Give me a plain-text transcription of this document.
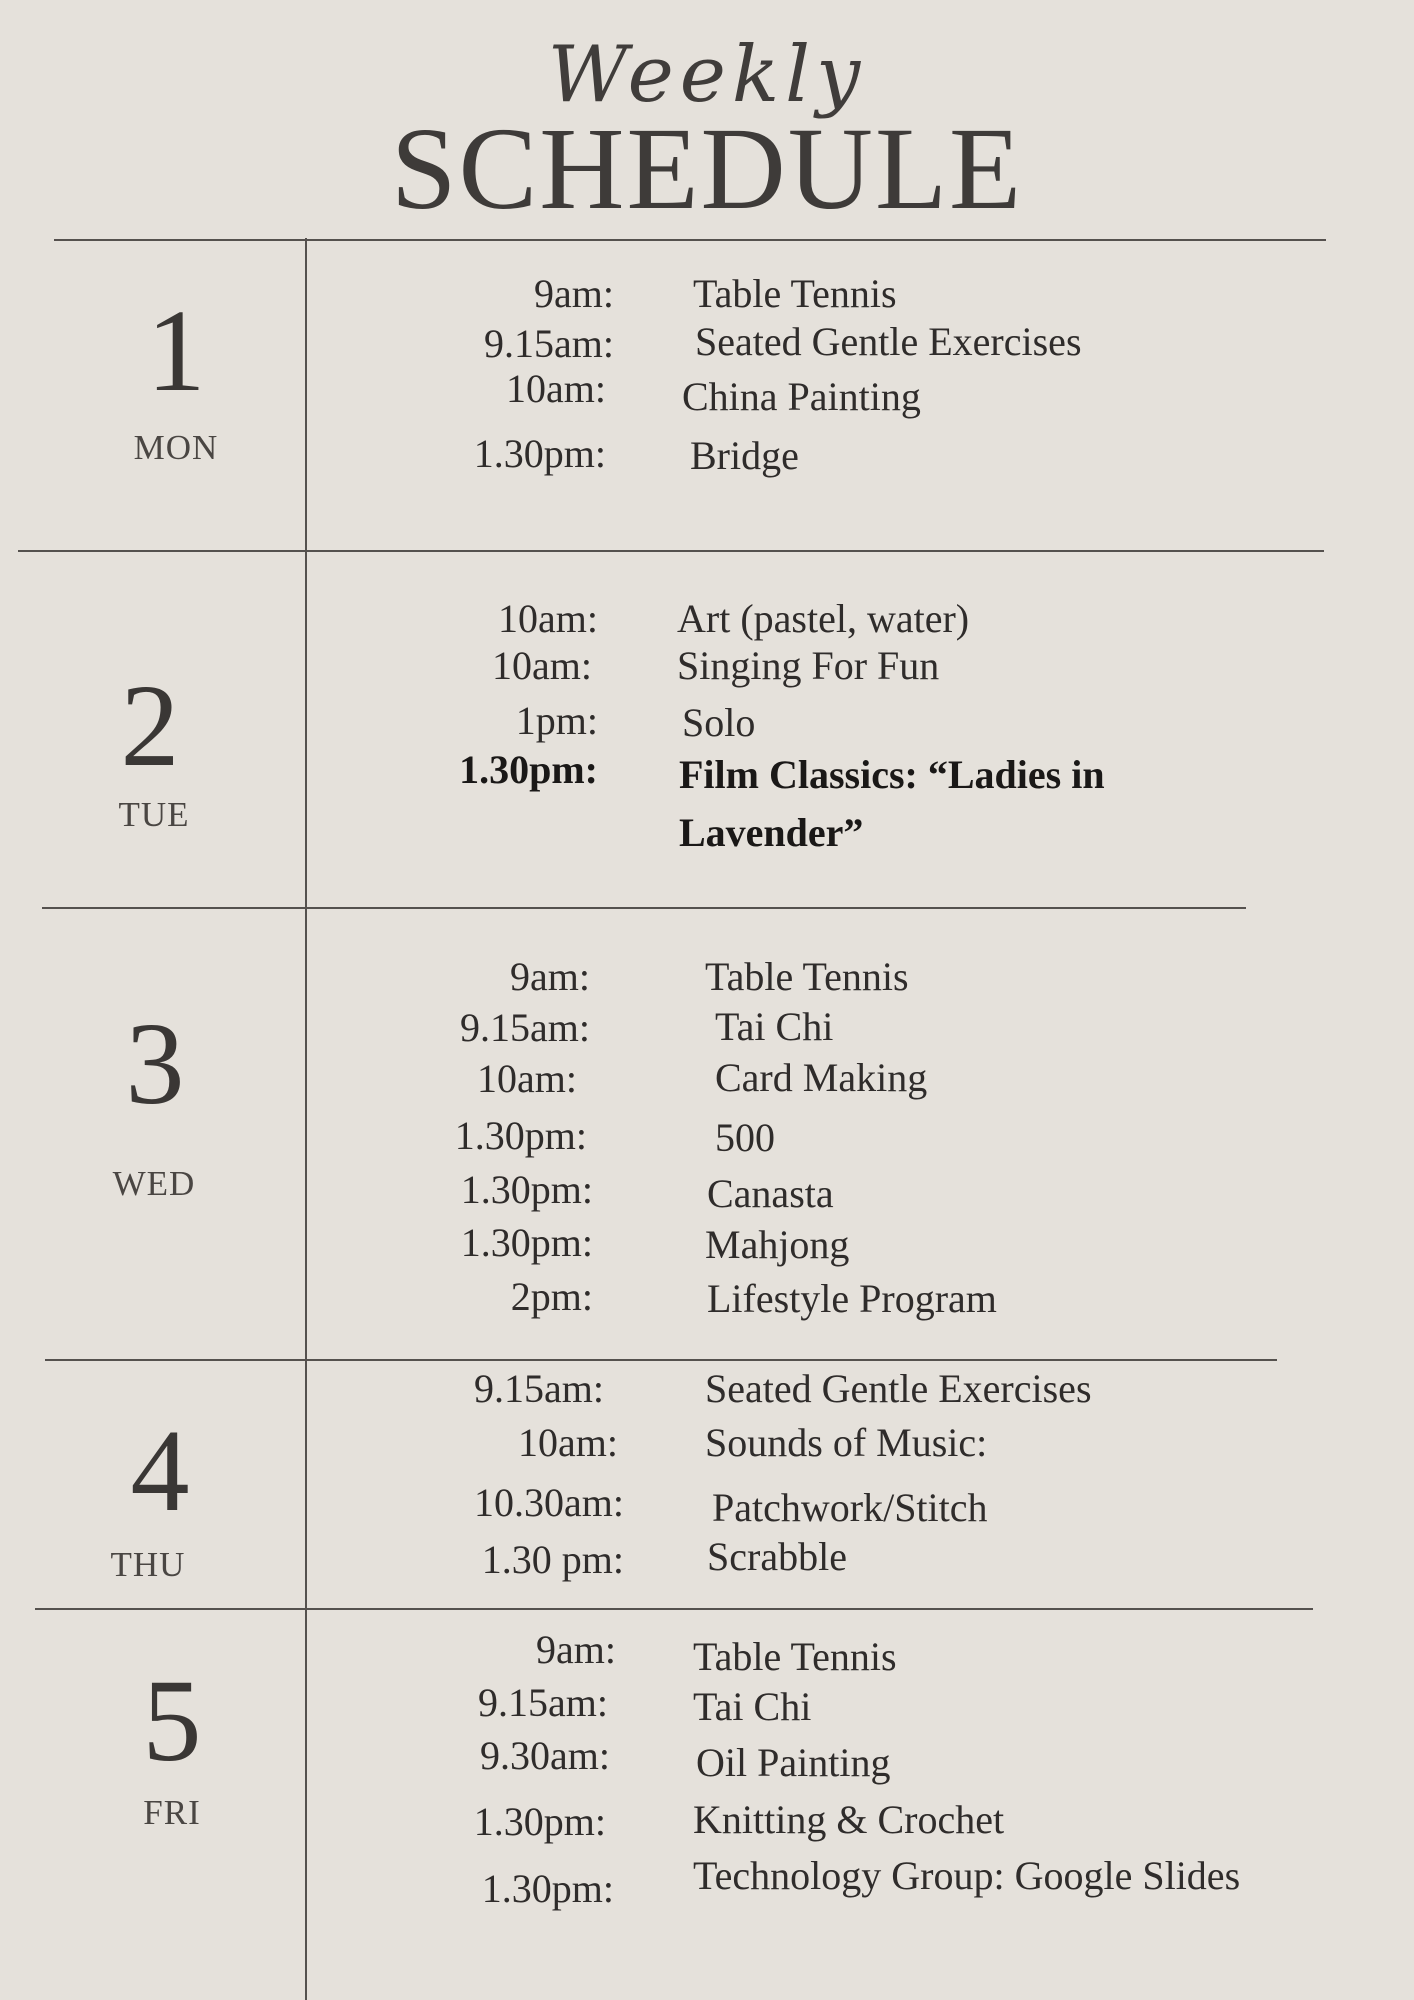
Weekly
SCHEDULE
1
MON
9am: Table Tennis
9.15am: Seated Gentle Exercises
10am: China Painting
1.30pm: Bridge
2
TUE
10am: Art (pastel, water)
10am: Singing For Fun
1pm: Solo
1.30pm: Film Classics: “Ladies in Lavender”
3
WED
9am:	Table Tennis
9.15am:	Tai Chi
10am:	Card Making
1.30pm:	500
1.30pm:	Canasta
1.30pm:	Mahjong
2pm:	Lifestyle Program
4
THU
9.15am:	Seated Gentle Exercises
10am: Sounds of Music:
10.30am: Patchwork/Stitch
1.30 pm: Scrabble
5
FRI
9am: Table Tennis
9.15am: Tai Chi
9.30am: Oil Painting
1.30pm: Knitting & Crochet
1.30pm: Technology Group: Google Slides
